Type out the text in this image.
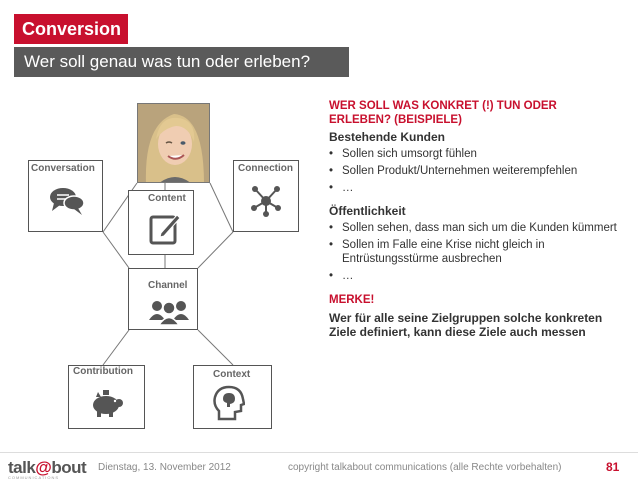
Conversion
Wer soll genau was tun oder erleben?
Conversation	Connection
Content
Channel
Contribution	Context
WER SOLL WAS KONKRET (!) TUN ODER
ERLEBEN? (BEISPIELE)
Bestehende Kunden
• Sollen sich umsorgt fühlen
• Sollen Produkt/Unternehmen weiterempfehlen
• …
Öffentlichkeit
• Sollen sehen, dass man sich um die Kunden kümmert
• Sollen im Falle eine Krise nicht gleich in Entrüstungsstürme ausbrechen
• …
MERKE!
Wer für alle seine Zielgruppen solche konkreten Ziele definiert, kann diese Ziele auch messen
talk@bout
COMMUNICATIONS
Dienstag, 13. November 2012	copyright talkabout communications (alle Rechte vorbehalten)	81
